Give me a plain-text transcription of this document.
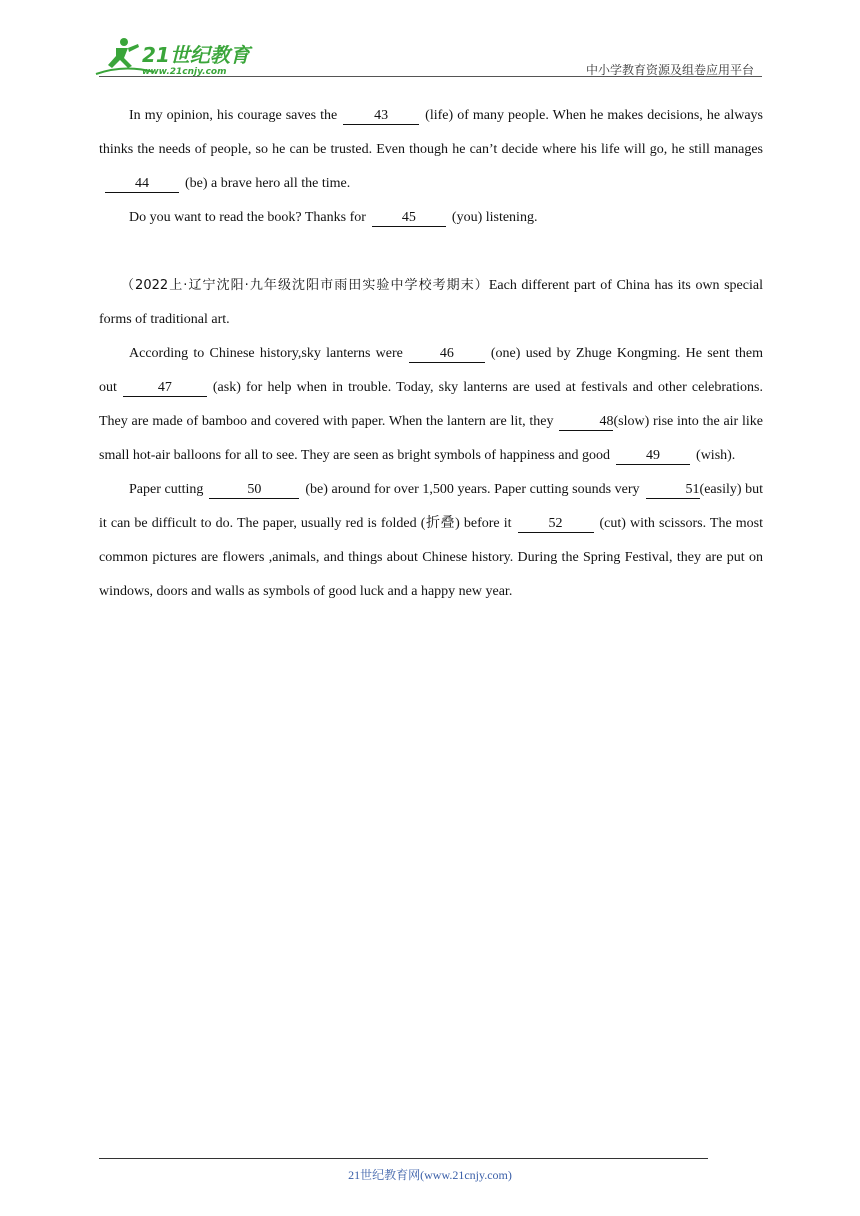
21世纪教育
www.21cnjy.com	中小学教育资源及组卷应用平台

In my opinion, his courage saves the	43	(life) of many people. When he makes decisions, he always thinks the needs of people, so he can be trusted. Even though he can’t decide where his life will go, he still manages44	(be) a brave hero all the time.

Do you want to read the book? Thanks for	45	(you) listening.

（2022上·辽宁沈阳·九年级沈阳市雨田实验中学校考期末）Each different part of China has its own special forms of traditional art.

According to Chinese history,sky lanterns were	46	(one) used by Zhuge Kongming. He sent them out	47	(ask) for help when in trouble. Today, sky lanterns are used at festivals and other celebrations. They are made of bamboo and covered with paper. When the lantern are lit, they	48(slow) rise into the air like small hot-air balloons for all to see. They are seen as bright symbols of happiness and good	49	(wish).

Paper cutting	50	(be) around for over 1,500 years. Paper cutting sounds very	51(easily) but it can be difficult to do. The paper, usually red is folded (折叠) before it	52	(cut) with scissors. The most common pictures are flowers ,animals, and things about Chinese history. During the Spring Festival, they are put on windows, doors and walls as symbols of good luck and a happy new year.

21世纪教育网(www.21cnjy.com)
